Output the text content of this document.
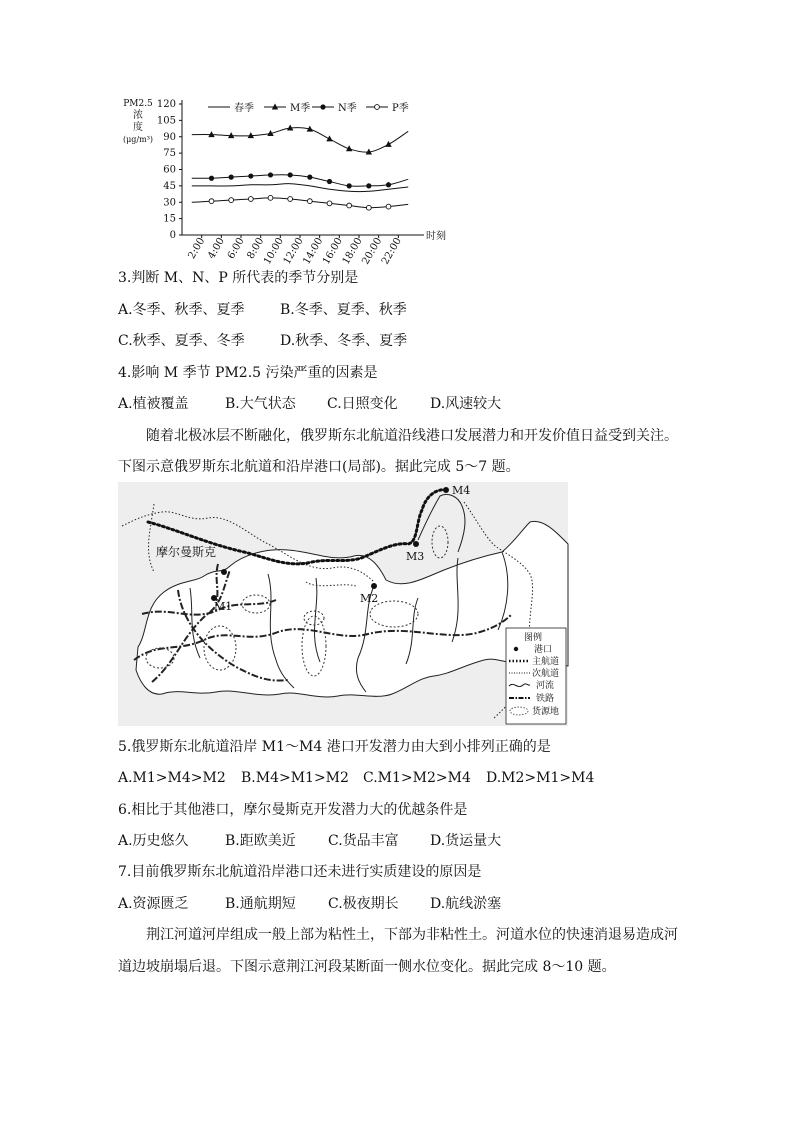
0
15
30
45
60
75
90
105
120
PM2.5
浓
度
(μg/m³)
2:00
4:00
6:00
8:00
10:00
12:00
14:00
16:00
18:00
20:00
22:00 时刻
春季	M季	N季	P季
3.判断 M、N、P 所代表的季节分别是
A.冬季、秋季、夏季	B.冬季、夏季、秋季
C.秋季、夏季、冬季	D.秋季、冬季、夏季
4.影响 M 季节 PM2.5 污染严重的因素是
A.植被覆盖	B.大气状态 C.日照变化 D.风速较大
随着北极冰层不断融化，俄罗斯东北航道沿线港口发展潜力和开发价值日益受到关注。
下图示意俄罗斯东北航道和沿岸港口(局部)。据此完成 5～7 题。
摩尔曼斯克
M1
M2
M3
M4
图例
港口
主航道
次航道
河流
铁路
货源地
5.俄罗斯东北航道沿岸 M1～M4 港口开发潜力由大到小排列正确的是
A.M1>M4>M2 B.M4>M1>M2 C.M1>M2>M4 D.M2>M1>M4
6.相比于其他港口，摩尔曼斯克开发潜力大的优越条件是
A.历史悠久	B.距欧美近 C.货品丰富 D.货运量大
7.目前俄罗斯东北航道沿岸港口还未进行实质建设的原因是
A.资源匮乏	B.通航期短 C.极夜期长 D.航线淤塞
荆江河道河岸组成一般上部为粘性土，下部为非粘性土。河道水位的快速消退易造成河
道边坡崩塌后退。下图示意荆江河段某断面一侧水位变化。据此完成 8～10 题。
